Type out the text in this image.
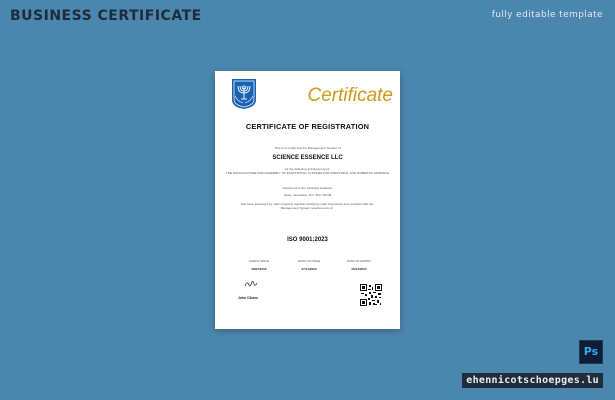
BUSINESS CERTIFICATE	fully editable template
Certificate
CERTIFICATE OF REGISTRATION
This is to certify that the Management System of
SCIENCE ESSENCE LLC
for the following activity/services:
THE MANUFACTURE AND ASSEMBLY OF ELECTRONIC SYSTEMS FOR INDUSTRIAL AND DOMESTIC MARKETS
Carried out in the following locations:
Israel, Jerusalem, P.O. Box: 00148
Has been assessed by main company registrar certifying under framework and complies with the Management System requirements of:
ISO 9001:2023
CLIENT SINCE
08/07/1002
DATE OF ISSUE
07/14/2023
DATE OF EXPIRY
05/14/2025
John Citizen
Ps
ehennicotschoepges.lu
